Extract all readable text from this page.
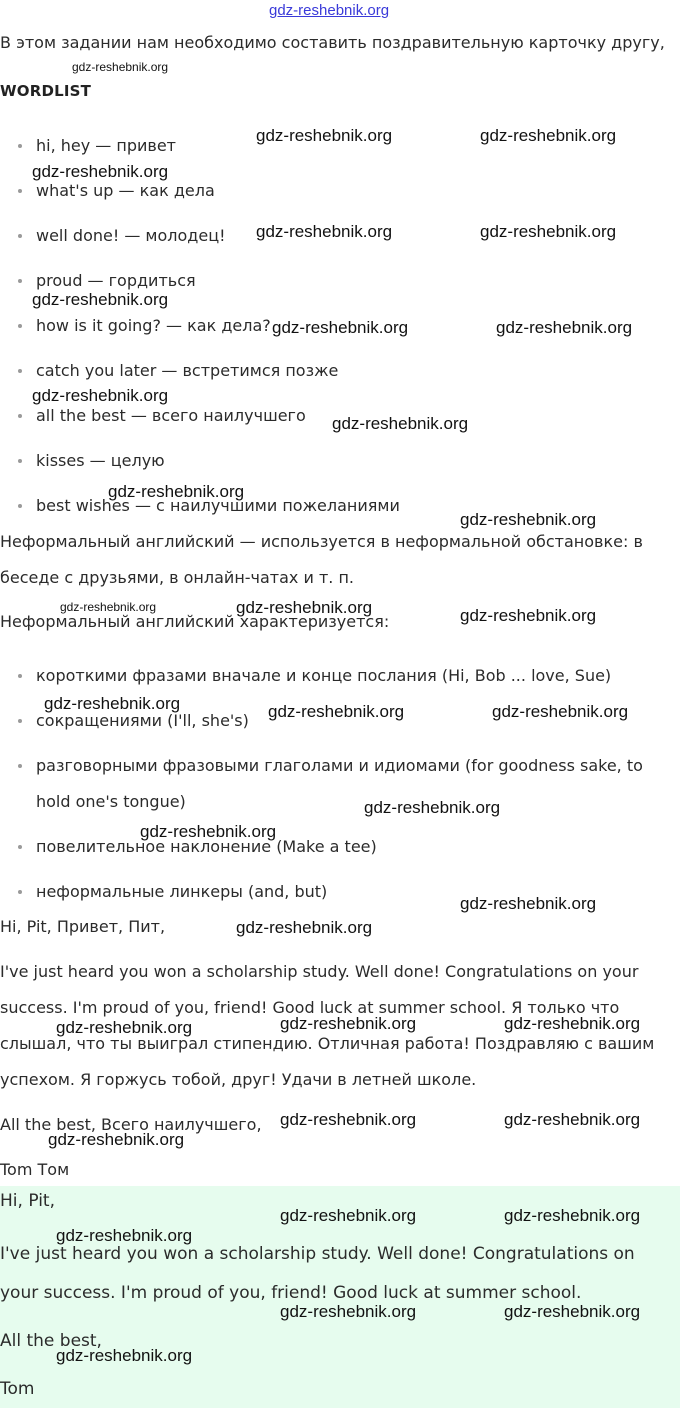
gdz-reshebnik.org
В этом задании нам необходимо составить поздравительную карточку другу,
WORDLIST
hi, hey — привет
what's up — как дела
well done! — молодец!
proud — гордиться
how is it going? — как дела?
catch you later — встретимся позже
all the best — всего наилучшего
kisses — целую
best wishes — с наилучшими пожеланиями
Неформальный английский — используется в неформальной обстановке: в
беседе с друзьями, в онлайн-чатах и т. п.
Неформальный английский характеризуется:
короткими фразами вначале и конце послания (Hi, Bob ... love, Sue)
сокращениями (I'll, she's)
разговорными фразовыми глаголами и идиомами (for goodness sake, to
hold one's tongue)
повелительное наклонение (Make a tee)
неформальные линкеры (and, but)
Hi, Pit, Привет, Пит,
I've just heard you won a scholarship study. Well done! Congratulations on your
success. I'm proud of you, friend! Good luck at summer school. Я только что
слышал, что ты выиграл стипендию. Отличная работа! Поздравляю с вашим
успехом. Я горжусь тобой, друг! Удачи в летней школе.
All the best, Всего наилучшего,
Tom Том
Hi, Pit,
I've just heard you won a scholarship study. Well done! Congratulations on
your success. I'm proud of you, friend! Good luck at summer school.
All the best,
Tom
gdz-reshebnik.org
gdz-reshebnik.org	gdz-reshebnik.org
gdz-reshebnik.org
gdz-reshebnik.org	gdz-reshebnik.org
gdz-reshebnik.org
gdz-reshebnik.org	gdz-reshebnik.org
gdz-reshebnik.org
gdz-reshebnik.org
gdz-reshebnik.org
gdz-reshebnik.org
gdz-reshebnik.org	gdz-reshebnik.org	gdz-reshebnik.org
gdz-reshebnik.org	gdz-reshebnik.org	gdz-reshebnik.org
gdz-reshebnik.org
gdz-reshebnik.org
gdz-reshebnik.org
gdz-reshebnik.org
gdz-reshebnik.org	gdz-reshebnik.org
gdz-reshebnik.org
gdz-reshebnik.org	gdz-reshebnik.org
gdz-reshebnik.org
gdz-reshebnik.org	gdz-reshebnik.org
gdz-reshebnik.org
gdz-reshebnik.org	gdz-reshebnik.org
gdz-reshebnik.org
